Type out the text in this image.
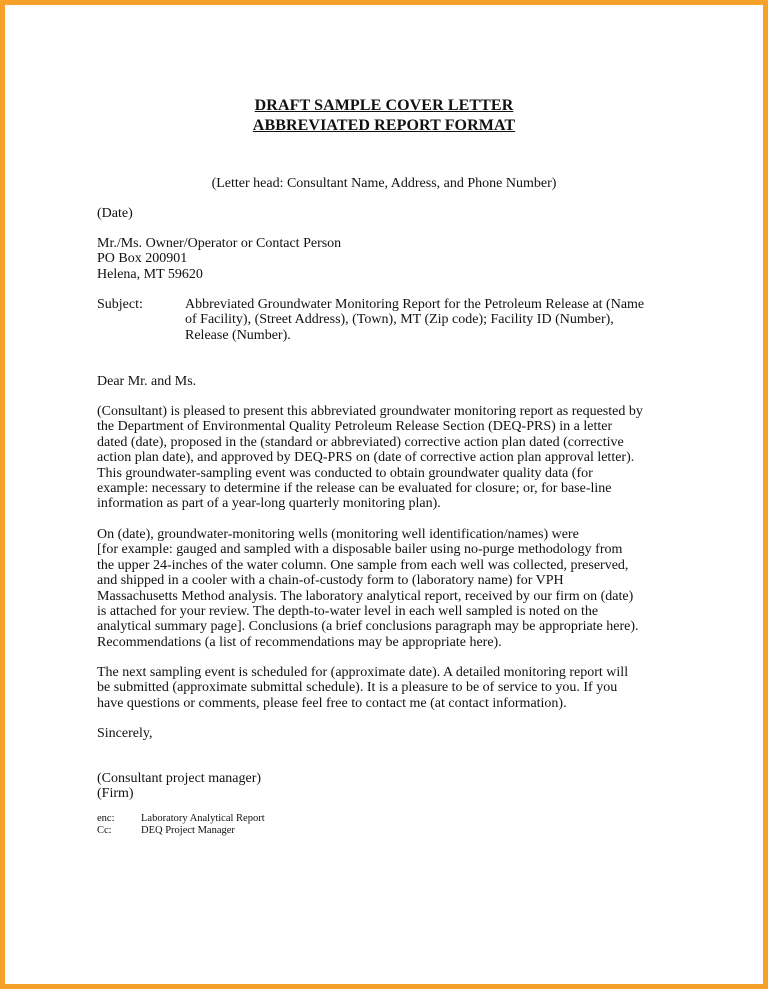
DRAFT SAMPLE COVER LETTER
ABBREVIATED REPORT FORMAT
(Letter head: Consultant Name, Address, and Phone Number)
(Date)
Mr./Ms. Owner/Operator or Contact Person
PO Box 200901
Helena, MT 59620
Subject:	Abbreviated Groundwater Monitoring Report for the Petroleum Release at (Name
of Facility), (Street Address), (Town), MT (Zip code); Facility ID (Number),
Release (Number).
Dear Mr. and Ms.
(Consultant) is pleased to present this abbreviated groundwater monitoring report as requested by
the Department of Environmental Quality Petroleum Release Section (DEQ-PRS) in a letter
dated (date), proposed in the (standard or abbreviated) corrective action plan dated (corrective
action plan date), and approved by DEQ-PRS on (date of corrective action plan approval letter).
This groundwater-sampling event was conducted to obtain groundwater quality data (for
example: necessary to determine if the release can be evaluated for closure; or, for base-line
information as part of a year-long quarterly monitoring plan).
On (date), groundwater-monitoring wells (monitoring well identification/names) were
[for example: gauged and sampled with a disposable bailer using no-purge methodology from
the upper 24-inches of the water column. One sample from each well was collected, preserved,
and shipped in a cooler with a chain-of-custody form to (laboratory name) for VPH
Massachusetts Method analysis. The laboratory analytical report, received by our firm on (date)
is attached for your review. The depth-to-water level in each well sampled is noted on the
analytical summary page]. Conclusions (a brief conclusions paragraph may be appropriate here).
Recommendations (a list of recommendations may be appropriate here).
The next sampling event is scheduled for (approximate date). A detailed monitoring report will
be submitted (approximate submittal schedule). It is a pleasure to be of service to you. If you
have questions or comments, please feel free to contact me (at contact information).
Sincerely,
(Consultant project manager)
(Firm)
enc:	Laboratory Analytical Report
Cc:	DEQ Project Manager
